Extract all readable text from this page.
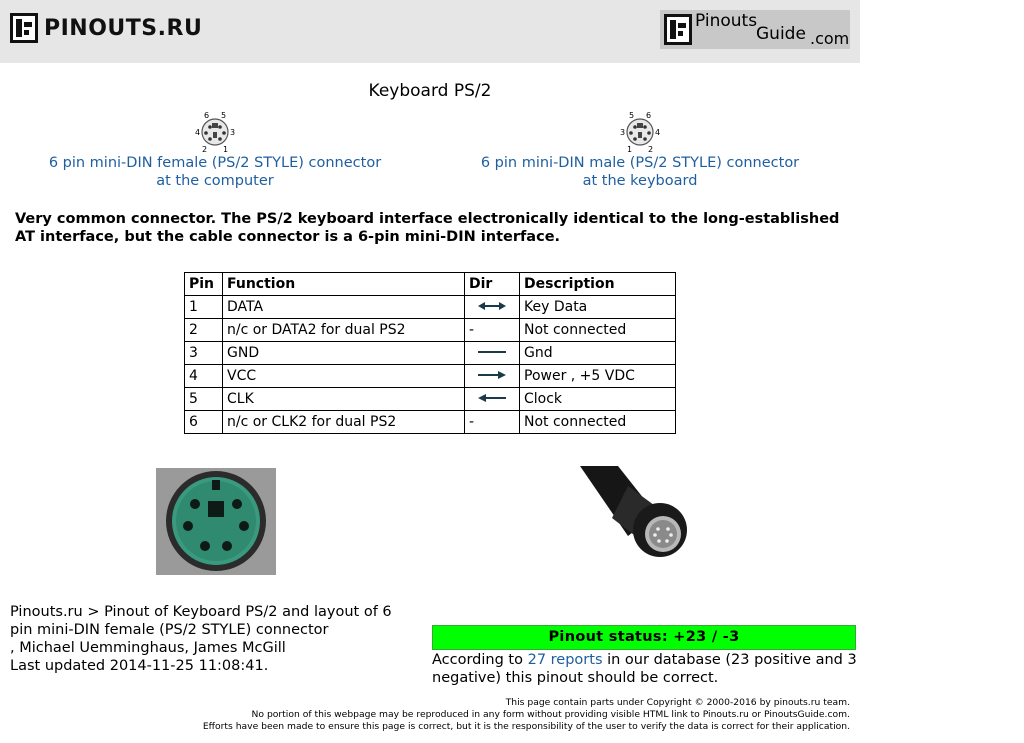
PINOUTS.RU	Pinouts
Guide .com
Keyboard PS/2
6 5
4	3
2 1
6 pin mini-DIN female (PS/2 STYLE) connector
at the computer
5 6
3	4
1 2
6 pin mini-DIN male (PS/2 STYLE) connector
at the keyboard

Very common connector. The PS/2 keyboard interface electronically identical to the long-established AT interface, but the cable connector is a 6-pin mini-DIN interface.

Pin	Function	Dir	Description
1	DATA		Key Data
2	n/c or DATA2 for dual PS2	-	Not connected
3	GND		Gnd
4	VCC		Power , +5 VDC
5	CLK		Clock
6	n/c or CLK2 for dual PS2	-	Not connected
Pinouts.ru > Pinout of Keyboard PS/2 and layout of 6
pin mini-DIN female (PS/2 STYLE) connector
, Michael Uemminghaus, James McGill
Last updated 2014-11-25 11:08:41.
Pinout status: +23 / -3
According to 27 reports in our database (23 positive and 3 negative) this pinout should be correct.
This page contain parts under Copyright © 2000-2016 by pinouts.ru team.
No portion of this webpage may be reproduced in any form without providing visible HTML link to Pinouts.ru or PinoutsGuide.com.
Efforts have been made to ensure this page is correct, but it is the responsibility of the user to verify the data is correct for their application.
